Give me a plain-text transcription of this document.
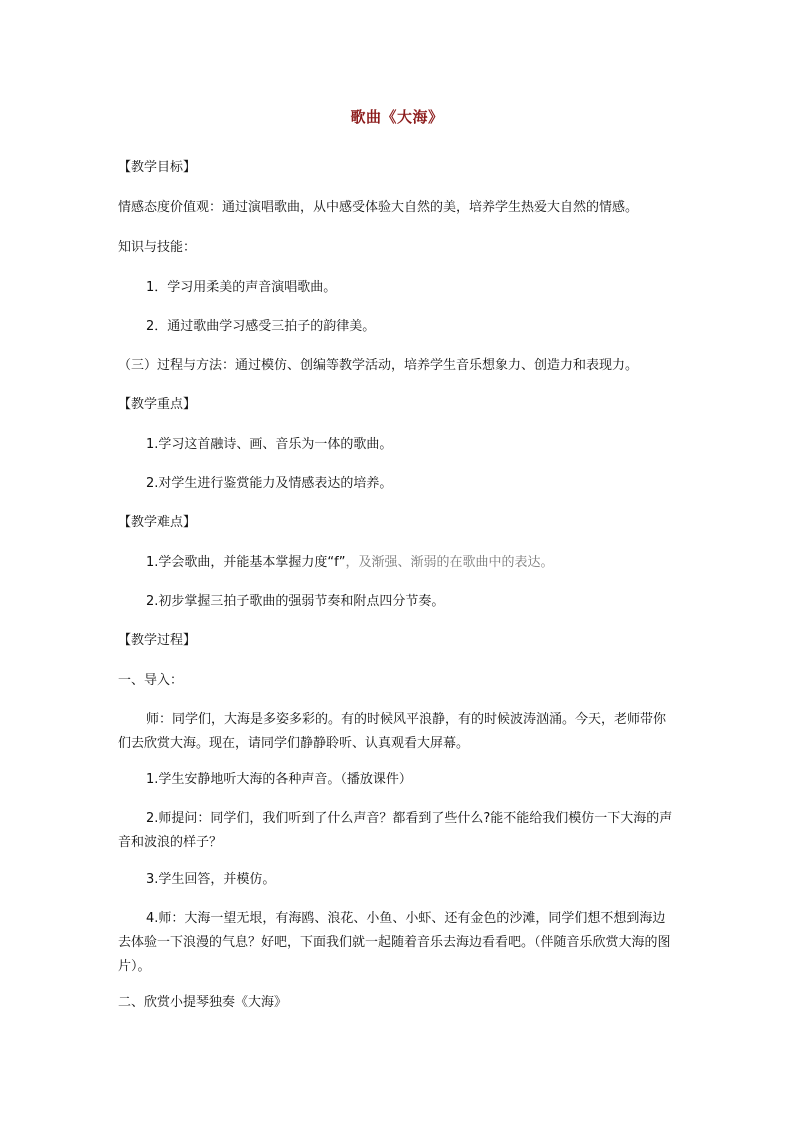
歌曲《大海》
【教学目标】
情感态度价值观：通过演唱歌曲，从中感受体验大自然的美，培养学生热爱大自然的情感。
知识与技能：
1．学习用柔美的声音演唱歌曲。
2．通过歌曲学习感受三拍子的韵律美。
（三）过程与方法：通过模仿、创编等教学活动，培养学生音乐想象力、创造力和表现力。
【教学重点】
1.学习这首融诗、画、音乐为一体的歌曲。
2.对学生进行鉴赏能力及情感表达的培养。
【教学难点】
1.学会歌曲，并能基本掌握力度“f”，及渐强、渐弱的在歌曲中的表达。
2.初步掌握三拍子歌曲的强弱节奏和附点四分节奏。
【教学过程】
一、导入：
师：同学们，大海是多姿多彩的。有的时候风平浪静，有的时候波涛汹涌。今天，老师带你们去欣赏大海。现在，请同学们静静聆听、认真观看大屏幕。
1.学生安静地听大海的各种声音。（播放课件）
2.师提问：同学们，我们听到了什么声音？都看到了些什么?能不能给我们模仿一下大海的声音和波浪的样子？
3.学生回答，并模仿。
4.师：大海一望无垠，有海鸥、浪花、小鱼、小虾、还有金色的沙滩，同学们想不想到海边去体验一下浪漫的气息？好吧，下面我们就一起随着音乐去海边看看吧。（伴随音乐欣赏大海的图片）。
二、欣赏小提琴独奏《大海》
